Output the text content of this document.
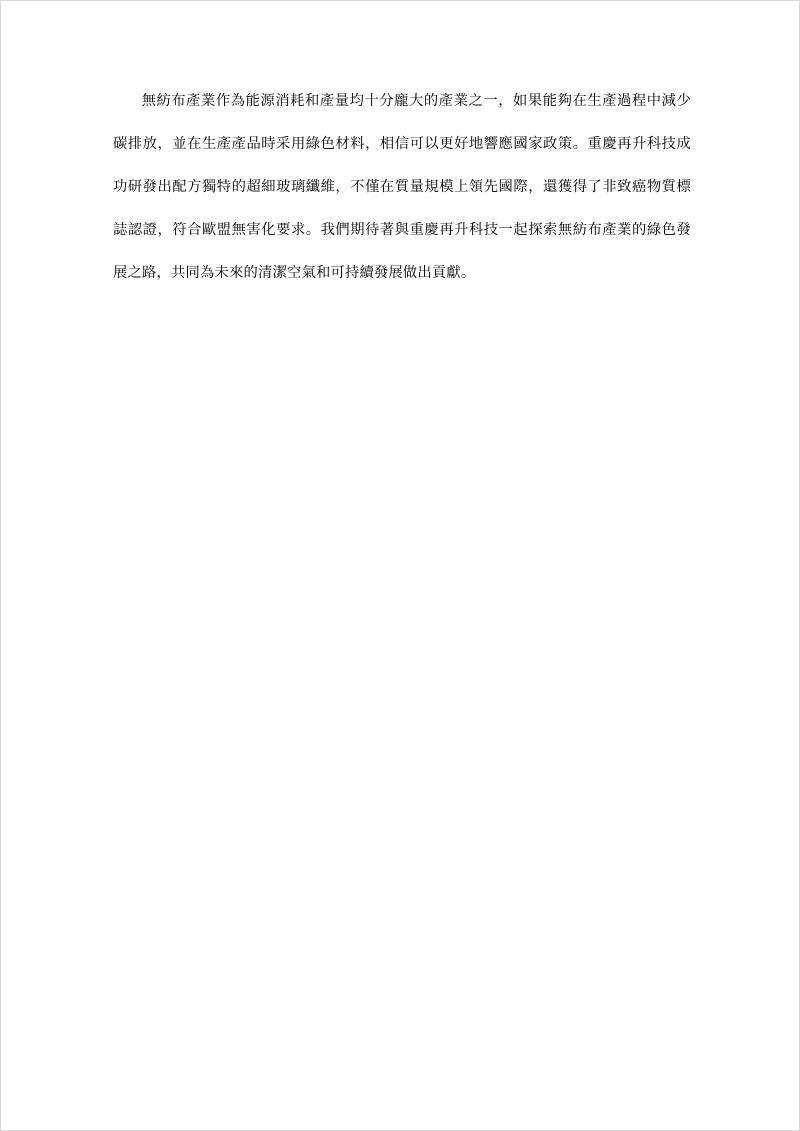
無紡布產業作為能源消耗和產量均十分龐大的產業之一，如果能夠在生產過程中減少碳排放，並在生產產品時采用綠色材料，相信可以更好地響應國家政策。重慶再升科技成功研發出配方獨特的超細玻璃纖維，不僅在質量規模上領先國際，還獲得了非致癌物質標誌認證，符合歐盟無害化要求。我們期待著與重慶再升科技一起探索無紡布產業的綠色發展之路，共同為未來的清潔空氣和可持續發展做出貢獻。
